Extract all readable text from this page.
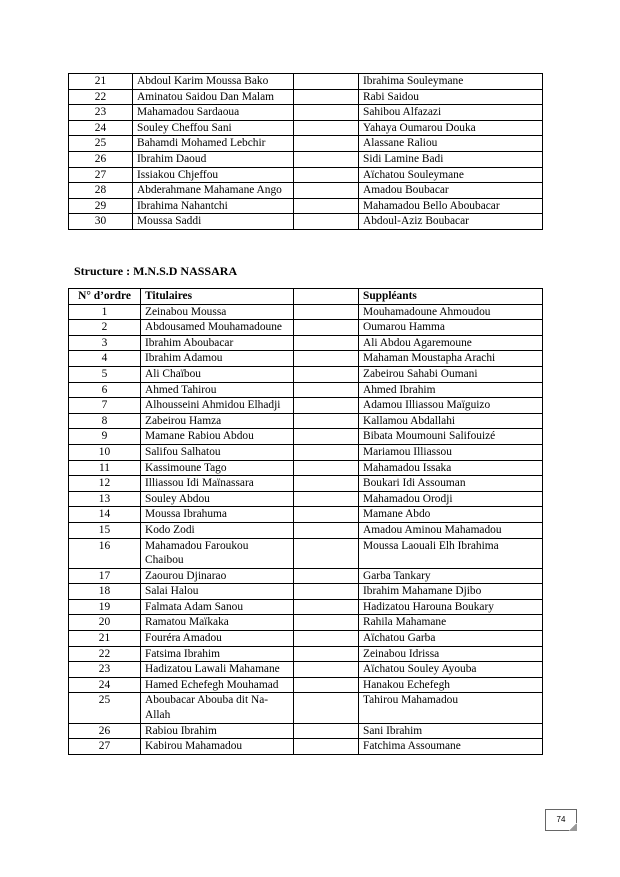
21	Abdoul Karim Moussa Bako		Ibrahima Souleymane
22	Aminatou Saidou Dan Malam		Rabi Saidou
23	Mahamadou Sardaoua		Sahibou Alfazazi
24	Souley Cheffou Sani		Yahaya Oumarou Douka
25	Bahamdi Mohamed Lebchir		Alassane Raliou
26	Ibrahim Daoud		Sidi Lamine Badi
27	Issiakou Chjeffou		Aïchatou Souleymane
28	Abderahmane Mahamane Ango		Amadou Boubacar
29	Ibrahima Nahantchi		Mahamadou Bello Aboubacar
30	Moussa Saddi		Abdoul-Aziz Boubacar
Structure : M.N.S.D NASSARA
N° d’ordre	Titulaires		Suppléants
1	Zeinabou Moussa		Mouhamadoune Ahmoudou
2	Abdousamed Mouhamadoune		Oumarou Hamma
3	Ibrahim Aboubacar		Ali Abdou Agaremoune
4	Ibrahim Adamou		Mahaman Moustapha Arachi
5	Ali Chaïbou		Zabeirou Sahabi Oumani
6	Ahmed Tahirou		Ahmed Ibrahim
7	Alhousseini Ahmidou Elhadji		Adamou Illiassou Maïguizo
8	Zabeirou Hamza		Kallamou Abdallahi
9	Mamane Rabiou Abdou		Bibata Moumouni Salifouizé
10	Salifou Salhatou		Mariamou Illiassou
11	Kassimoune Tago		Mahamadou Issaka
12	Illiassou Idi Maïnassara		Boukari Idi Assouman
13	Souley Abdou		Mahamadou Orodji
14	Moussa Ibrahuma		Mamane Abdo
15	Kodo Zodi		Amadou Aminou Mahamadou
16	Mahamadou Faroukou Chaibou		Moussa Laouali Elh Ibrahima
17	Zaourou Djinarao		Garba Tankary
18	Salai Halou		Ibrahim Mahamane Djibo
19	Falmata Adam Sanou		Hadizatou Harouna Boukary
20	Ramatou Maïkaka		Rahila Mahamane
21	Fouréra Amadou		Aïchatou Garba
22	Fatsima Ibrahim		Zeinabou Idrissa
23	Hadizatou Lawali Mahamane		Aïchatou Souley Ayouba
24	Hamed Echefegh Mouhamad		Hanakou Echefegh
25	Aboubacar Abouba dit Na-Allah		Tahirou Mahamadou
26	Rabiou Ibrahim		Sani Ibrahim
27	Kabirou Mahamadou		Fatchima Assoumane
74
